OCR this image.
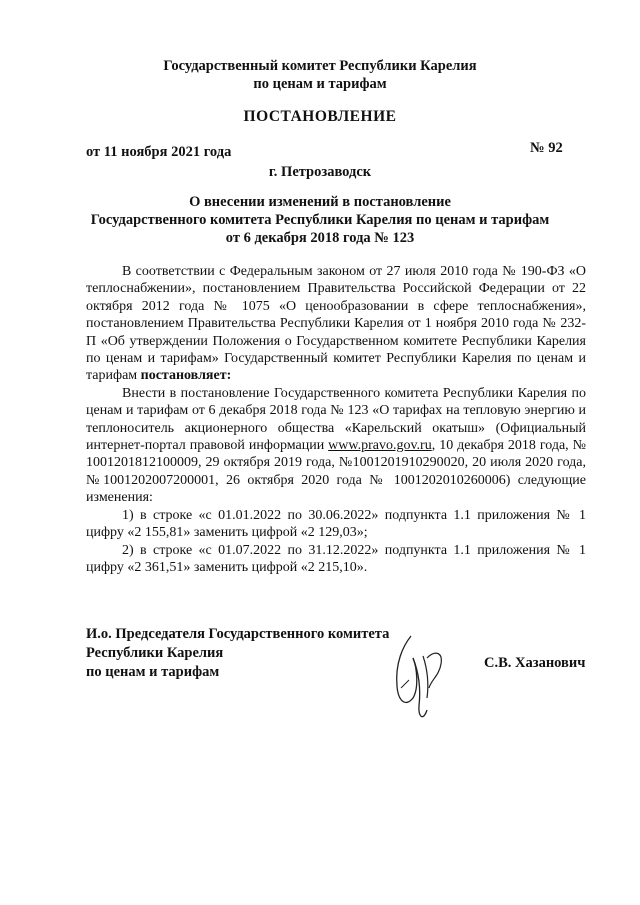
Государственный комитет Республики Карелия
по ценам и тарифам
ПОСТАНОВЛЕНИЕ
от 11 ноября 2021 года	№ 92
г. Петрозаводск
О внесении изменений в постановление
Государственного комитета Республики Карелия по ценам и тарифам
от 6 декабря 2018 года № 123

В соответствии с Федеральным законом от 27 июля 2010 года № 190-ФЗ «О теплоснабжении», постановлением Правительства Российской Федерации от 22 октября 2012 года № 1075 «О ценообразовании в сфере теплоснабжения», постановлением Правительства Республики Карелия от 1 ноября 2010 года № 232-П «Об утверждении Положения о Государственном комитете Республики Карелия по ценам и тарифам» Государственный комитет Республики Карелия по ценам и тарифам постановляет:

Внести в постановление Государственного комитета Республики Карелия по ценам и тарифам от 6 декабря 2018 года № 123 «О тарифах на тепловую энергию и теплоноситель акционерного общества «Карельский окатыш» (Официальный интернет-портал правовой информации www.pravo.gov.ru, 10 декабря 2018 года, № 1001201812100009, 29 октября 2019 года, №1001201910290020, 20 июля 2020 года, №1001202007200001, 26 октября 2020 года № 1001202010260006) следующие изменения:

1) в строке «с 01.01.2022 по 30.06.2022» подпункта 1.1 приложения № 1 цифру «2 155,81» заменить цифрой «2 129,03»;

2) в строке «с 01.07.2022 по 31.12.2022» подпункта 1.1 приложения № 1 цифру «2 361,51» заменить цифрой «2 215,10».

И.о. Председателя Государственного комитета
Республики Карелия
по ценам и тарифам
С.В. Хазанович
